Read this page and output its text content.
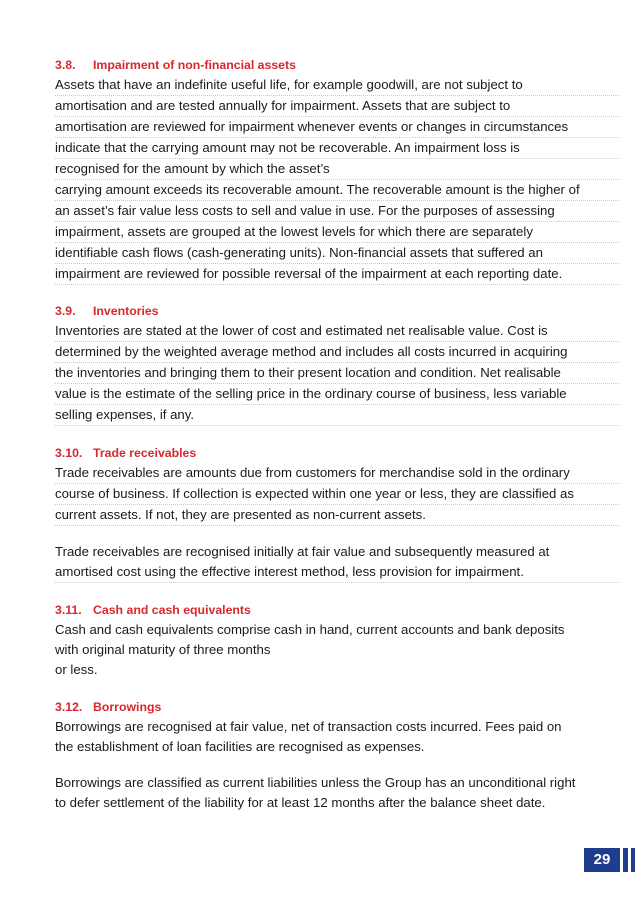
3.8. Impairment of non-financial assets
Assets that have an indefinite useful life, for example goodwill, are not subject to
amortisation and are tested annually for impairment. Assets that are subject to
amortisation are reviewed for impairment whenever events or changes in circumstances
indicate that the carrying amount may not be recoverable. An impairment loss is
recognised for the amount by which the asset’s
carrying amount exceeds its recoverable amount. The recoverable amount is the higher of
an asset’s fair value less costs to sell and value in use. For the purposes of assessing
impairment, assets are grouped at the lowest levels for which there are separately
identifiable cash flows (cash-generating units). Non-financial assets that suffered an
impairment are reviewed for possible reversal of the impairment at each reporting date.
3.9. Inventories
Inventories are stated at the lower of cost and estimated net realisable value. Cost is
determined by the weighted average method and includes all costs incurred in acquiring
the inventories and bringing them to their present location and condition. Net realisable
value is the estimate of the selling price in the ordinary course of business, less variable
selling expenses, if any.
3.10. Trade receivables
Trade receivables are amounts due from customers for merchandise sold in the ordinary
course of business. If collection is expected within one year or less, they are classified as
current assets. If not, they are presented as non-current assets.
Trade receivables are recognised initially at fair value and subsequently measured at
amortised cost using the effective interest method, less provision for impairment.
3.11. Cash and cash equivalents
Cash and cash equivalents comprise cash in hand, current accounts and bank deposits
with original maturity of three months
or less.
3.12. Borrowings
Borrowings are recognised at fair value, net of transaction costs incurred. Fees paid on
the establishment of loan facilities are recognised as expenses.
Borrowings are classified as current liabilities unless the Group has an unconditional right
to defer settlement of the liability for at least 12 months after the balance sheet date.
29
